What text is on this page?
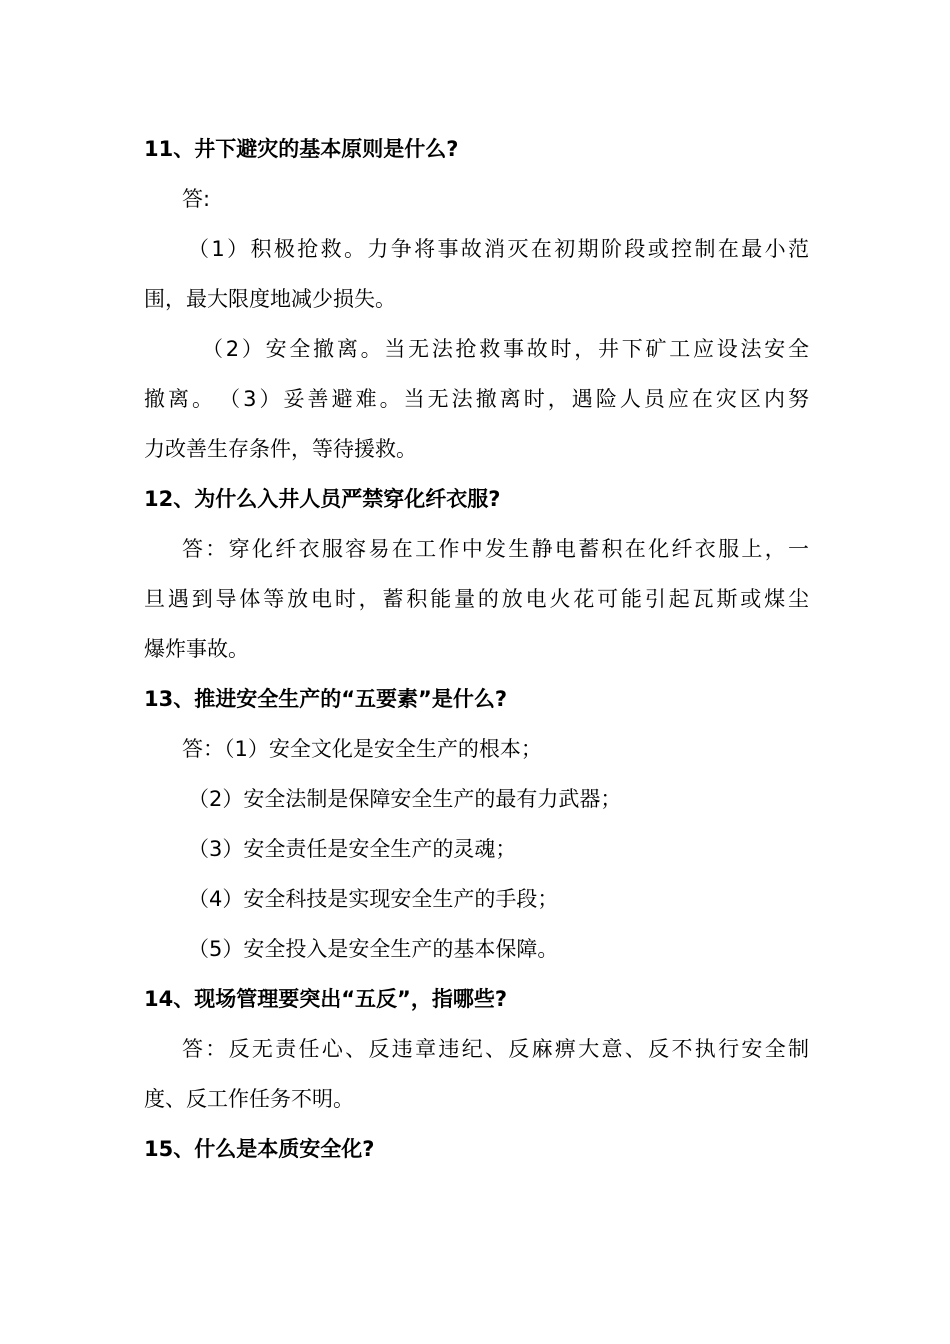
11、井下避灾的基本原则是什么?
答:
（1）积极抢救。力争将事故消灭在初期阶段或控制在最小范
围，最大限度地减少损失。
（2）安全撤离。当无法抢救事故时，井下矿工应设法安全
撤离。　（3）妥善避难。当无法撤离时，遇险人员应在灾区内努
力改善生存条件，等待援救。
12、为什么入井人员严禁穿化纤衣服?
答：穿化纤衣服容易在工作中发生静电蓄积在化纤衣服上，一
旦遇到导体等放电时，蓄积能量的放电火花可能引起瓦斯或煤尘
爆炸事故。
13、推进安全生产的“五要素”是什么?
答：（1）安全文化是安全生产的根本；
（2）安全法制是保障安全生产的最有力武器；
（3）安全责任是安全生产的灵魂；
（4）安全科技是实现安全生产的手段；
（5）安全投入是安全生产的基本保障。
14、现场管理要突出“五反”，指哪些?
答：反无责任心、反违章违纪、反麻痹大意、反不执行安全制
度、反工作任务不明。
15、什么是本质安全化?
